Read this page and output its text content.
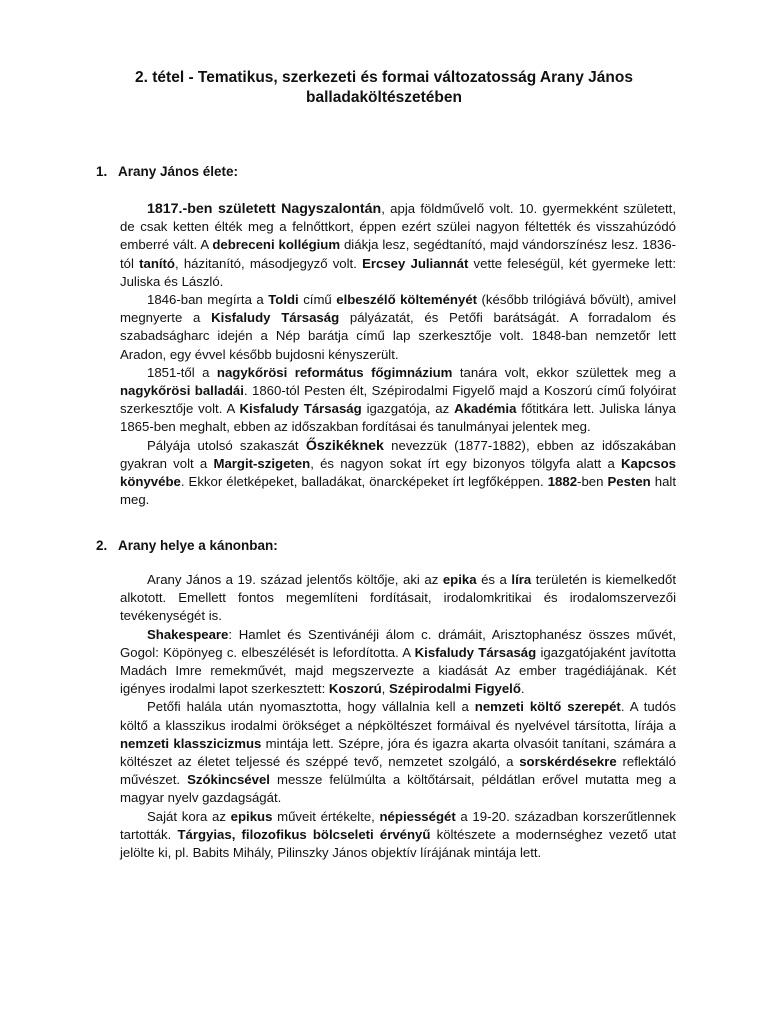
2. tétel - Tematikus, szerkezeti és formai változatosság Arany János balladaköltészetében
1. Arany János élete:

1817.-ben született Nagyszalontán, apja földművelő volt. 10. gyermekként született, de csak ketten élték meg a felnőttkort, éppen ezért szülei nagyon féltették és visszahúzódó emberré vált. A debreceni kollégium diákja lesz, segédtanító, majd vándorszínész lesz. 1836-tól tanító, házitanító, másodjegyző volt. Ercsey Juliannát vette feleségül, két gyermeke lett: Juliska és László.

1846-ban megírta a Toldi című elbeszélő költeményét (később trilógiává bővült), amivel megnyerte a Kisfaludy Társaság pályázatát, és Petőfi barátságát. A forradalom és szabadságharc idején a Nép barátja című lap szerkesztője volt. 1848-ban nemzetőr lett Aradon, egy évvel később bujdosni kényszerült.

1851-től a nagykőrösi református főgimnázium tanára volt, ekkor születtek meg a nagykőrösi balladái. 1860-tól Pesten élt, Szépirodalmi Figyelő majd a Koszorú című folyóirat szerkesztője volt. A Kisfaludy Társaság igazgatója, az Akadémia főtitkára lett. Juliska lánya 1865-ben meghalt, ebben az időszakban fordításai és tanulmányai jelentek meg.

Pályája utolsó szakaszát Őszikéknek nevezzük (1877-1882), ebben az időszakában gyakran volt a Margit-szigeten, és nagyon sokat írt egy bizonyos tölgyfa alatt a Kapcsos könyvébe. Ekkor életképeket, balladákat, önarcképeket írt legfőképpen. 1882-ben Pesten halt meg.

2. Arany helye a kánonban:

Arany János a 19. század jelentős költője, aki az epika és a líra területén is kiemelkedőt alkotott. Emellett fontos megemlíteni fordításait, irodalomkritikai és irodalomszervezői tevékenységét is.

Shakespeare: Hamlet és Szentivánéji álom c. drámáit, Arisztophanész összes művét, Gogol: Köpönyeg c. elbeszélését is lefordította. A Kisfaludy Társaság igazgatójaként javította Madách Imre remekművét, majd megszervezte a kiadását Az ember tragédiájának. Két igényes irodalmi lapot szerkesztett: Koszorú, Szépirodalmi Figyelő.

Petőfi halála után nyomasztotta, hogy vállalnia kell a nemzeti költő szerepét. A tudós költő a klasszikus irodalmi örökséget a népköltészet formáival és nyelvével társította, lírája a nemzeti klasszicizmus mintája lett. Szépre, jóra és igazra akarta olvasóit tanítani, számára a költészet az életet teljessé és széppé tevő, nemzetet szolgáló, a sorskérdésekre reflektáló művészet. Szókincsével messze felülmúlta a költőtársait, példátlan erővel mutatta meg a magyar nyelv gazdagságát.

Saját kora az epikus műveit értékelte, népiességét a 19-20. században korszerűtlennek tartották. Tárgyias, filozofikus bölcseleti érvényű költészete a modernséghez vezető utat jelölte ki, pl. Babits Mihály, Pilinszky János objektív lírájának mintája lett.
